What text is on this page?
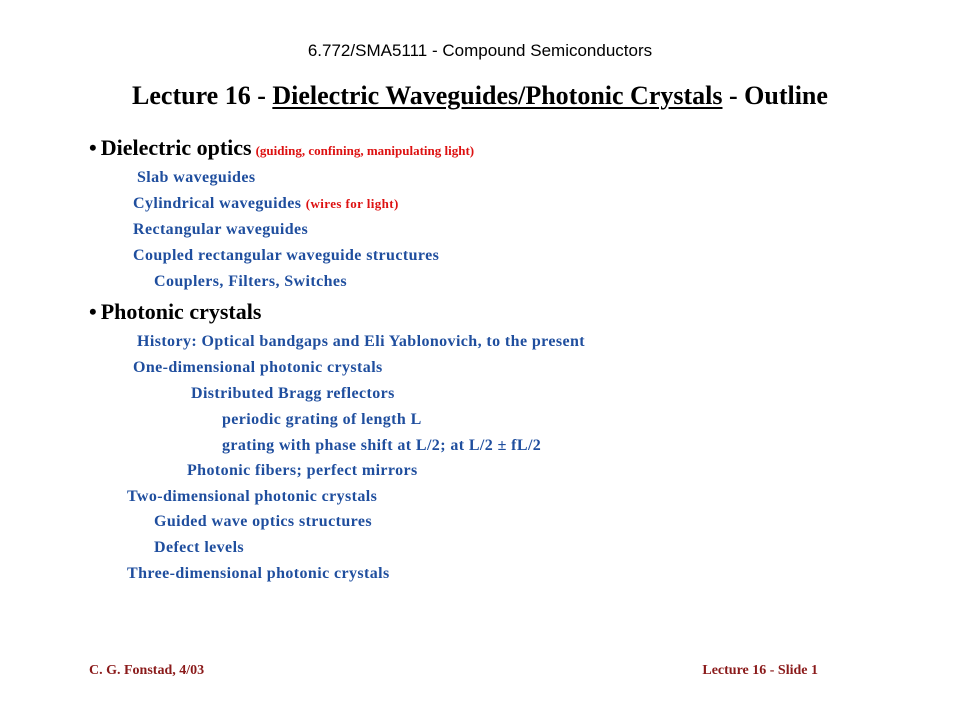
6.772/SMA5111 - Compound Semiconductors
Lecture 16 - Dielectric Waveguides/Photonic Crystals - Outline
• Dielectric optics (guiding, confining, manipulating light)
Slab waveguides
Cylindrical waveguides (wires for light)
Rectangular waveguides
Coupled rectangular waveguide structures
Couplers, Filters, Switches
• Photonic crystals
History: Optical bandgaps and Eli Yablonovich, to the present
One-dimensional photonic crystals
Distributed Bragg reflectors
periodic grating of length L
grating with phase shift at L/2; at L/2 ± fL/2
Photonic fibers; perfect mirrors
Two-dimensional photonic crystals
Guided wave optics structures
Defect levels
Three-dimensional photonic crystals
C. G. Fonstad, 4/03	Lecture 16 - Slide 1
